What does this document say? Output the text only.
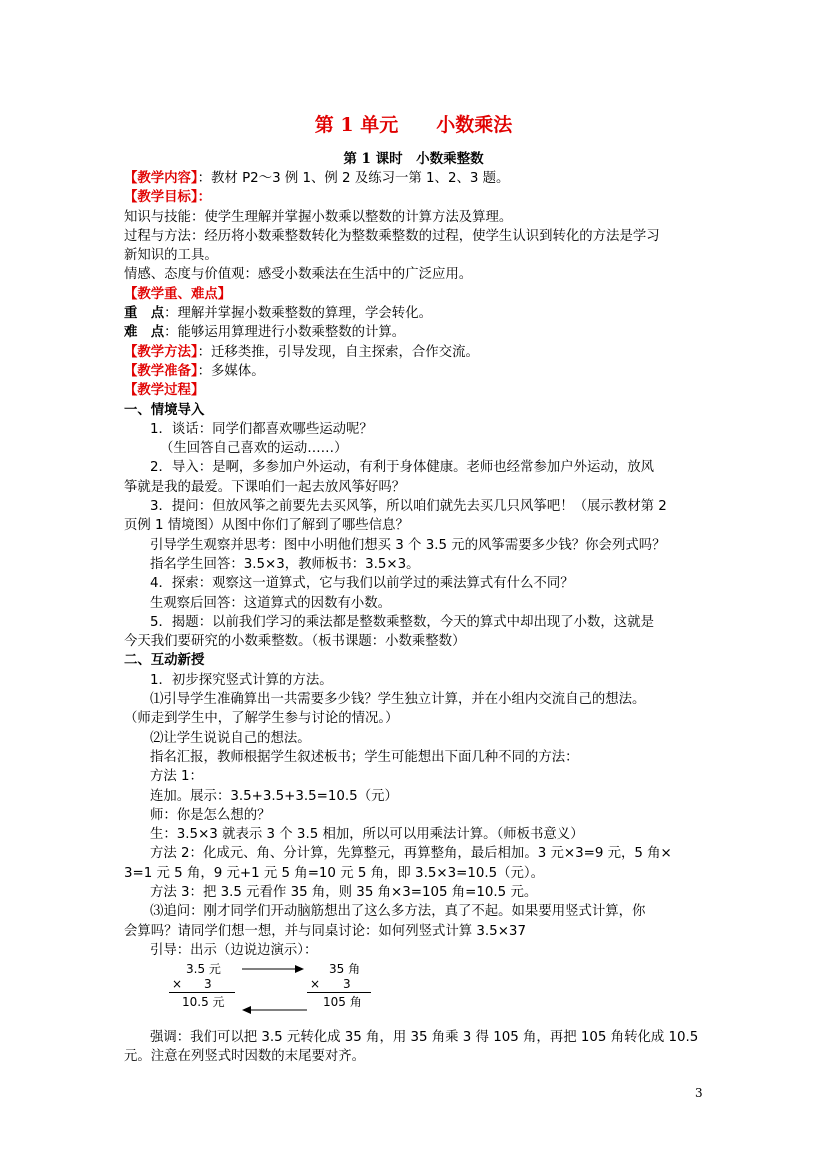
第 1 单元　　小数乘法
第 1 课时　小数乘整数
【教学内容】：教材 P2～3 例 1、例 2 及练习一第 1、2、3 题。
【教学目标】：
知识与技能：使学生理解并掌握小数乘以整数的计算方法及算理。
过程与方法：经历将小数乘整数转化为整数乘整数的过程，使学生认识到转化的方法是学习
新知识的工具。
情感、态度与价值观：感受小数乘法在生活中的广泛应用。
【教学重、难点】
重　点：理解并掌握小数乘整数的算理，学会转化。
难　点：能够运用算理进行小数乘整数的计算。
【教学方法】：迁移类推，引导发现，自主探索，合作交流。
【教学准备】：多媒体。
【教学过程】
一、情境导入
1．谈话：同学们都喜欢哪些运动呢？
（生回答自己喜欢的运动……）
2．导入：是啊，多参加户外运动，有利于身体健康。老师也经常参加户外运动，放风
筝就是我的最爱。下课咱们一起去放风筝好吗？
3．提问：但放风筝之前要先去买风筝，所以咱们就先去买几只风筝吧！（展示教材第 2
页例 1 情境图）从图中你们了解到了哪些信息？
引导学生观察并思考：图中小明他们想买 3 个 3.5 元的风筝需要多少钱？你会列式吗？
指名学生回答：3.5×3，教师板书：3.5×3。
4．探索：观察这一道算式，它与我们以前学过的乘法算式有什么不同？
生观察后回答：这道算式的因数有小数。
5．揭题：以前我们学习的乘法都是整数乘整数，今天的算式中却出现了小数，这就是
今天我们要研究的小数乘整数。（板书课题：小数乘整数）
二、互动新授
1．初步探究竖式计算的方法。
⑴引导学生准确算出一共需要多少钱？学生独立计算，并在小组内交流自己的想法。
（师走到学生中，了解学生参与讨论的情况。）
⑵让学生说说自己的想法。
指名汇报，教师根据学生叙述板书；学生可能想出下面几种不同的方法：
方法 1：
连加。展示：3.5+3.5+3.5=10.5（元）
师：你是怎么想的？
生：3.5×3 就表示 3 个 3.5 相加，所以可以用乘法计算。（师板书意义）
方法 2：化成元、角、分计算，先算整元，再算整角，最后相加。3 元×3=9 元，5 角×
3=1 元 5 角，9 元+1 元 5 角=10 元 5 角，即 3.5×3=10.5（元）。
方法 3：把 3.5 元看作 35 角，则 35 角×3=105 角=10.5 元。
⑶追问：刚才同学们开动脑筋想出了这么多方法，真了不起。如果要用竖式计算，你
会算吗？请同学们想一想，并与同桌讨论：如何列竖式计算 3.5×37
引导：出示（边说边演示）：
3.5 元
× 3
10.5 元
35 角
× 3
105 角
强调：我们可以把 3.5 元转化成 35 角，用 35 角乘 3 得 105 角，再把 105 角转化成 10.5
元。注意在列竖式时因数的末尾要对齐。
3
